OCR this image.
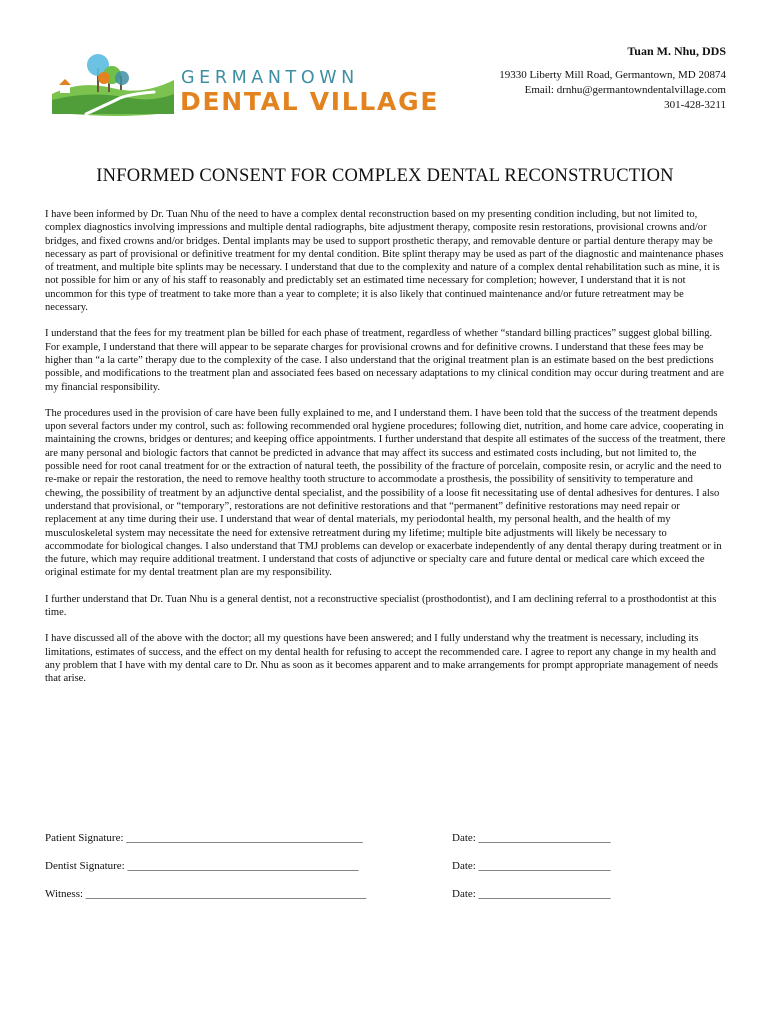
GERMANTOWN
DENTAL VILLAGE
Tuan M. Nhu, DDS
19330 Liberty Mill Road, Germantown, MD 20874
Email: drnhu@germantowndentalvillage.com
301-428-3211
INFORMED CONSENT FOR COMPLEX DENTAL RECONSTRUCTION

I have been informed by Dr. Tuan Nhu of the need to have a complex dental reconstruction based on my presenting condition including, but not limited to, complex diagnostics involving impressions and multiple dental radiographs, bite adjustment therapy, composite resin restorations, provisional crowns and/or bridges, and fixed crowns and/or bridges. Dental implants may be used to support prosthetic therapy, and removable denture or partial denture therapy may be necessary as part of provisional or definitive treatment for my dental condition. Bite splint therapy may be used as part of the diagnostic and maintenance phases of treatment, and multiple bite splints may be necessary. I understand that due to the complexity and nature of a complex dental rehabilitation such as mine, it is not possible for him or any of his staff to reasonably and predictably set an estimated time necessary for completion; however, I understand that it is not uncommon for this type of treatment to take more than a year to complete; it is also likely that continued maintenance and/or future retreatment may be necessary.

I understand that the fees for my treatment plan be billed for each phase of treatment, regardless of whether “standard billing practices” suggest global billing. For example, I understand that there will appear to be separate charges for provisional crowns and for definitive crowns. I understand that these fees may be higher than “a la carte” therapy due to the complexity of the case. I also understand that the original treatment plan is an estimate based on the best predictions possible, and modifications to the treatment plan and associated fees based on necessary adaptations to my clinical condition may occur during treatment and are my financial responsibility.

The procedures used in the provision of care have been fully explained to me, and I understand them. I have been told that the success of the treatment depends upon several factors under my control, such as: following recommended oral hygiene procedures; following diet, nutrition, and home care advice, cooperating in maintaining the crowns, bridges or dentures; and keeping office appointments. I further understand that despite all estimates of the success of the treatment, there are many personal and biologic factors that cannot be predicted in advance that may affect its success and estimated costs including, but not limited to, the possible need for root canal treatment for or the extraction of natural teeth, the possibility of the fracture of porcelain, composite resin, or acrylic and the need to re-make or repair the restoration, the need to remove healthy tooth structure to accommodate a prosthesis, the possibility of sensitivity to temperature and chewing, the possibility of treatment by an adjunctive dental specialist, and the possibility of a loose fit necessitating use of dental adhesives for dentures. I also understand that provisional, or “temporary”, restorations are not definitive restorations and that “permanent” definitive restorations may need repair or replacement at any time during their use. I understand that wear of dental materials, my periodontal health, my personal health, and the health of my musculoskeletal system may necessitate the need for extensive retreatment during my lifetime; multiple bite adjustments will likely be necessary to accommodate for biological changes. I also understand that TMJ problems can develop or exacerbate independently of any dental therapy during treatment or in the future, which may require additional treatment. I understand that costs of adjunctive or specialty care and future dental or medical care which exceed the original estimate for my dental treatment plan are my responsibility.

I further understand that Dr. Tuan Nhu is a general dentist, not a reconstructive specialist (prosthodontist), and I am declining referral to a prosthodontist at this time.

I have discussed all of the above with the doctor; all my questions have been answered; and I fully understand why the treatment is necessary, including its limitations, estimates of success, and the effect on my dental health for refusing to accept the recommended care. I agree to report any change in my health and any problem that I have with my dental care to Dr. Nhu as soon as it becomes apparent and to make arrangements for prompt appropriate management of needs that arise.

Patient Signature: ___________________________________________	Date: ________________________
Dentist Signature: __________________________________________	Date: ________________________
Witness: ___________________________________________________	Date: ________________________
